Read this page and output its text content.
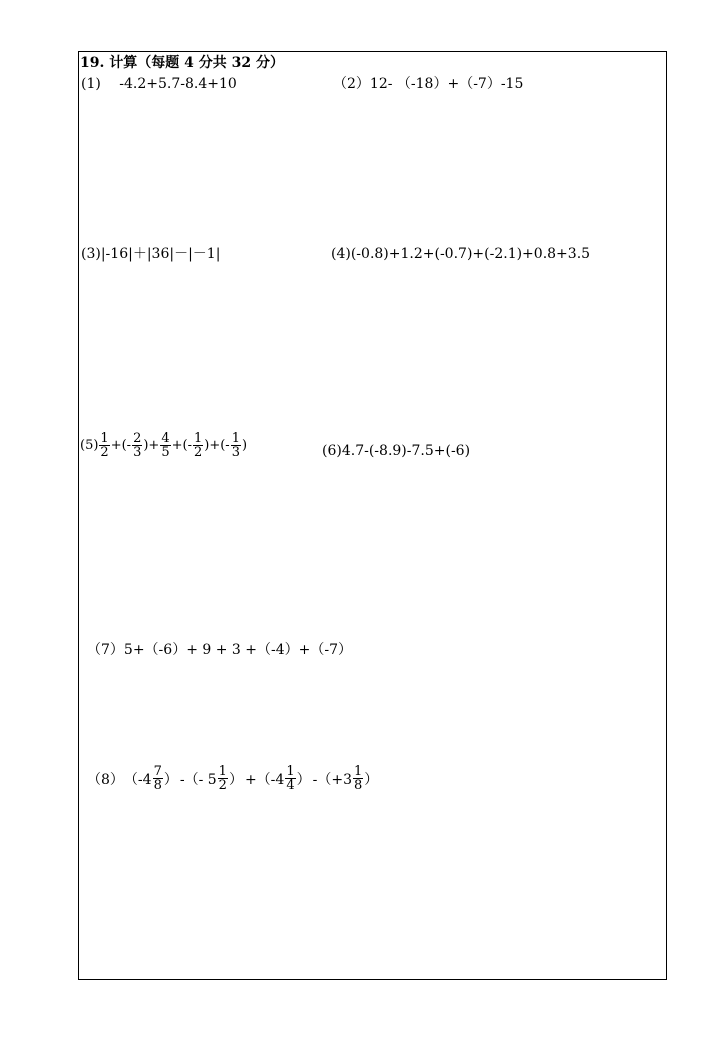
19. 计算（每题 4 分共 32 分）
(1) -4.2+5.7-8.4+10	（2）12- （-18）+（-7）-15
(3)|-16|＋|36|－|－1|	(4)(-0.8)+1.2+(-0.7)+(-2.1)+0.8+3.5
$(5) \frac{1}{2}$ +(- $\frac{2}{3}$ ) + $\frac{4}{5}$ +(- $\frac{1}{2}$ ) +(- $\frac{1}{3}$ )	(6)4.7-(-8.9)-7.5+(-6)
（7）5+（-6）+ 9 + 3 +（-4）+（-7）
（8） （$-4 \frac{7}{8}$ ） -（- $5 \frac{1}{2}$ ） $+(-4 \frac{1}{4}$ ） $-(+3 \frac{1}{8}$ ）
